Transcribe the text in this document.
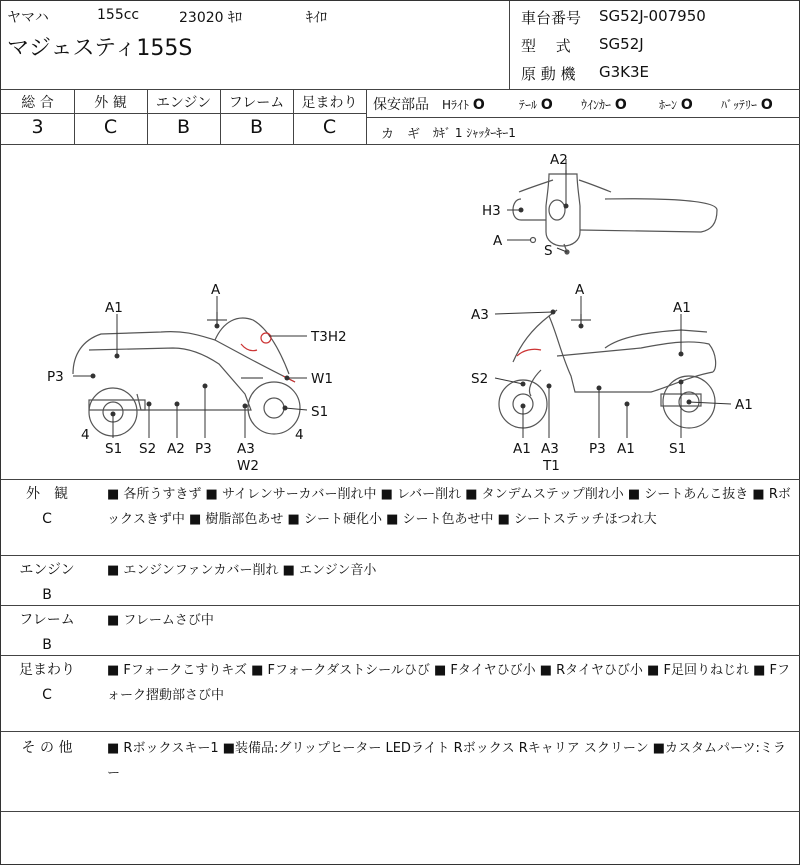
ヤマハ	155cc	23020 ｷﾛ	ｷｲﾛ
マジェスティ155S
車台番号 SG52J-007950
型　 式 SG52J
原 動 機 G3K3E
総 合	外 観	エンジン	フレーム	足まわり
3	C	B	B	C
保安部品 Hﾗｲﾄ O	ﾃｰﾙ O ｳｲﾝｶｰ O	ﾎｰﾝ O ﾊﾞｯﾃﾘｰ O
カ　ギ ｶｷﾞ 1 ｼｬｯﾀｰｷｰ1
A2
H3
A
S
A
A1
T3H2
P3	W1
S1
4	4
S1 S2 A2 P3 A3
W2
A
A3	A1
S2
A1
A1 A3 P3 A1	S1
T1
外　観
C
■ 各所うすきず ■ サイレンサーカバー削れ中 ■ レバー削れ ■ タンデムステップ削れ小 ■ シートあんこ抜き ■ Rボックスきず中 ■ 樹脂部色あせ ■ シート硬化小 ■ シート色あせ中 ■ シートステッチほつれ大
エンジン
B
■ エンジンファンカバー削れ ■ エンジン音小
フレーム
B
■ フレームさび中
足まわり
C
■ Fフォークこすりキズ ■ Fフォークダストシールひび ■ Fタイヤひび小 ■ Rタイヤひび小 ■ F足回りねじれ ■ Fフォーク摺動部さび中
そ の 他	■ Rボックスキー1 ■装備品:グリップヒーター LEDライト Rボックス Rキャリア スクリーン ■カスタムパーツ:ミラー
